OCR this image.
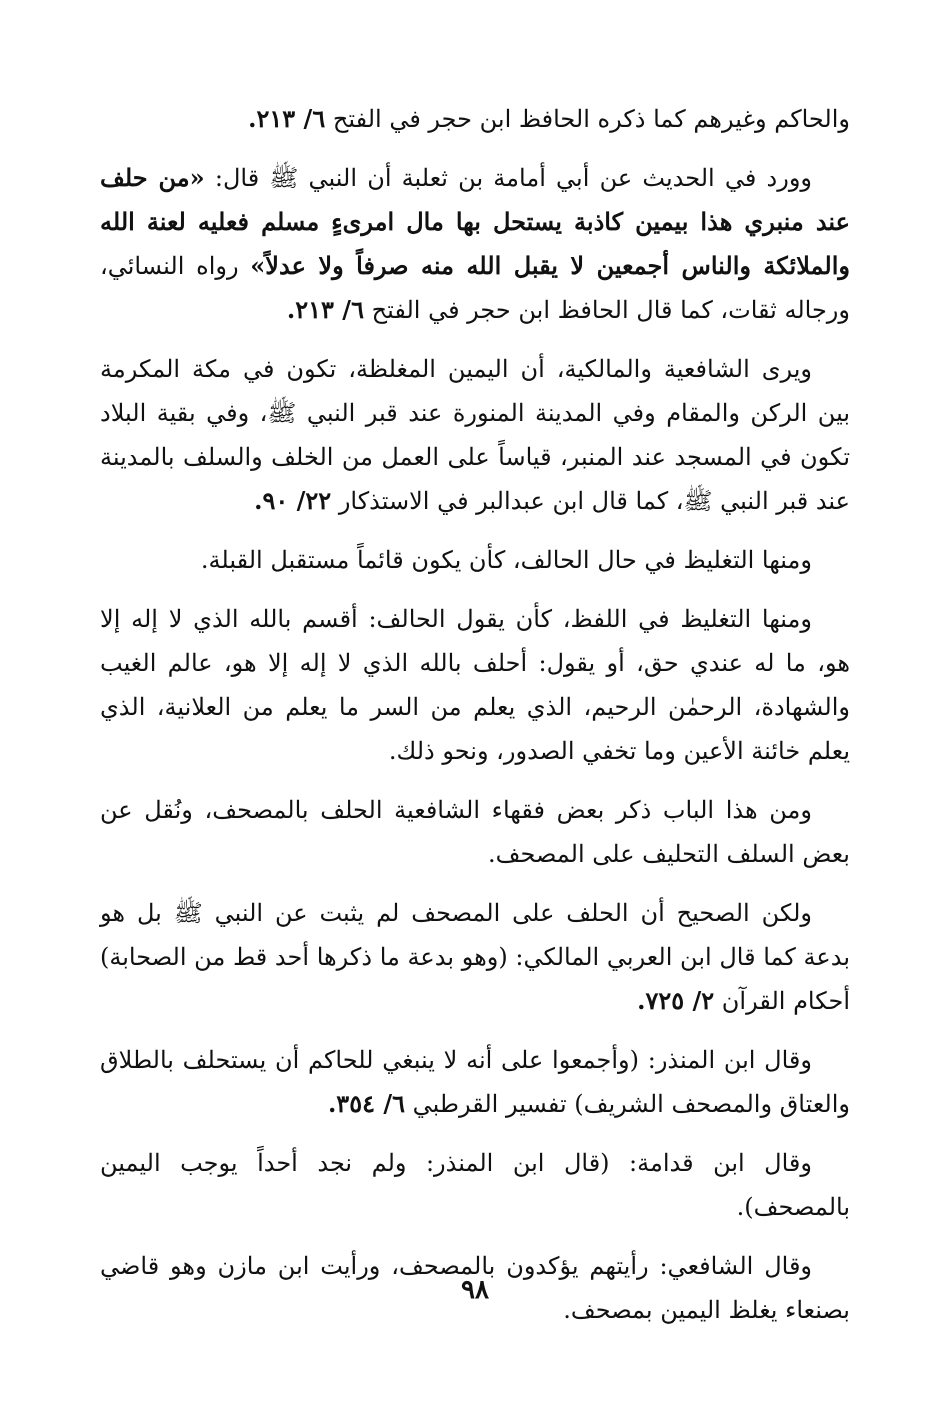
والحاكم وغيرهم كما ذكره الحافظ ابن حجر في الفتح ٦/ ٢١٣.

وورد في الحديث عن أبي أمامة بن ثعلبة أن النبي ﷺ قال: «من حلف عند منبري هذا بيمين كاذبة يستحل بها مال امرىءٍ مسلم فعليه لعنة الله والملائكة والناس أجمعين لا يقبل الله منه صرفاً ولا عدلاً» رواه النسائي، ورجاله ثقات، كما قال الحافظ ابن حجر في الفتح ٦/ ٢١٣.

ويرى الشافعية والمالكية، أن اليمين المغلظة، تكون في مكة المكرمة بين الركن والمقام وفي المدينة المنورة عند قبر النبي ﷺ، وفي بقية البلاد تكون في المسجد عند المنبر، قياساً على العمل من الخلف والسلف بالمدينة عند قبر النبي ﷺ، كما قال ابن عبدالبر في الاستذكار ٢٢/ ٩٠.

ومنها التغليظ في حال الحالف، كأن يكون قائماً مستقبل القبلة.

ومنها التغليظ في اللفظ، كأن يقول الحالف: أقسم بالله الذي لا إله إلا هو، ما له عندي حق، أو يقول: أحلف بالله الذي لا إله إلا هو، عالم الغيب والشهادة، الرحمٰن الرحيم، الذي يعلم من السر ما يعلم من العلانية، الذي يعلم خائنة الأعين وما تخفي الصدور، ونحو ذلك.

ومن هذا الباب ذكر بعض فقهاء الشافعية الحلف بالمصحف، ونُقل عن بعض السلف التحليف على المصحف.

ولكن الصحيح أن الحلف على المصحف لم يثبت عن النبي ﷺ بل هو بدعة كما قال ابن العربي المالكي: (وهو بدعة ما ذكرها أحد قط من الصحابة) أحكام القرآن ٢/ ٧٢٥.

وقال ابن المنذر: (وأجمعوا على أنه لا ينبغي للحاكم أن يستحلف بالطلاق والعتاق والمصحف الشريف) تفسير القرطبي ٦/ ٣٥٤.

وقال ابن قدامة: (قال ابن المنذر: ولم نجد أحداً يوجب اليمين بالمصحف).

وقال الشافعي: رأيتهم يؤكدون بالمصحف، ورأيت ابن مازن وهو قاضي بصنعاء يغلظ اليمين بمصحف.

٩٨
